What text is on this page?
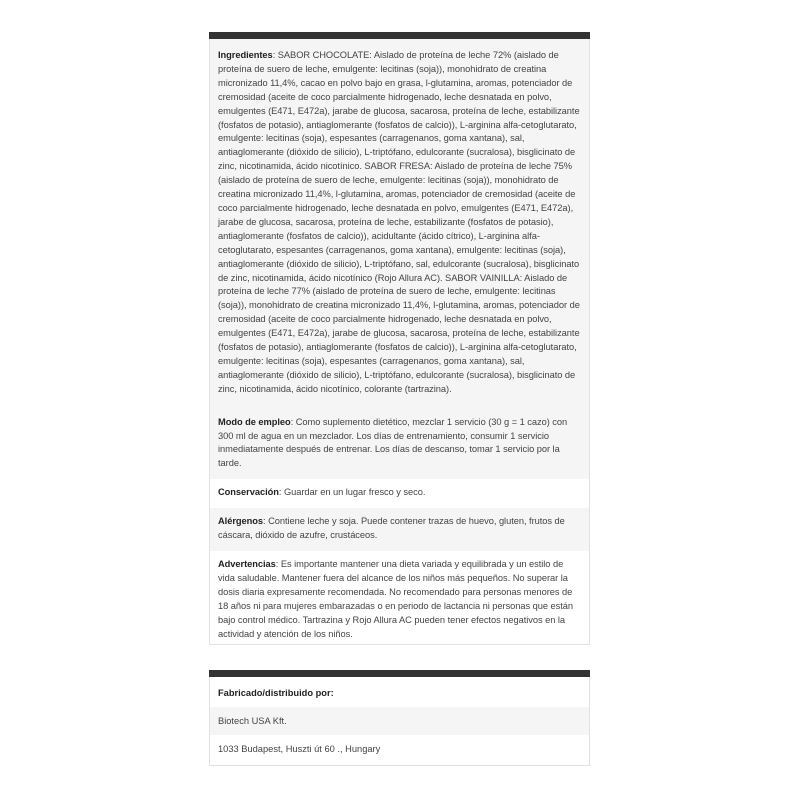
Ingredientes: SABOR CHOCOLATE: Aislado de proteína de leche 72% (aislado de proteína de suero de leche, emulgente: lecitinas (soja)), monohidrato de creatina micronizado 11,4%, cacao en polvo bajo en grasa, l-glutamina, aromas, potenciador de cremosidad (aceite de coco parcialmente hidrogenado, leche desnatada en polvo, emulgentes (E471, E472a), jarabe de glucosa, sacarosa, proteína de leche, estabilizante (fosfatos de potasio), antiaglomerante (fosfatos de calcio)), L-arginina alfa-cetoglutarato, emulgente: lecitinas (soja), espesantes (carragenanos, goma xantana), sal, antiaglomerante (dióxido de silicio), L-triptófano, edulcorante (sucralosa), bisglicinato de zinc, nicotinamida, ácido nicotínico. SABOR FRESA: Aislado de proteína de leche 75% (aislado de proteína de suero de leche, emulgente: lecitinas (soja)), monohidrato de creatina micronizado 11,4%, l-glutamina, aromas, potenciador de cremosidad (aceite de coco parcialmente hidrogenado, leche desnatada en polvo, emulgentes (E471, E472a), jarabe de glucosa, sacarosa, proteína de leche, estabilizante (fosfatos de potasio), antiaglomerante (fosfatos de calcio)), acidultante (ácido cítrico), L-arginina alfa-cetoglutarato, espesantes (carragenanos, goma xantana), emulgente: lecitinas (soja), antiaglomerante (dióxido de silicio), L-triptófano, sal, edulcorante (sucralosa), bisglicinato de zinc, nicotinamida, ácido nicotínico (Rojo Allura AC). SABOR VAINILLA: Aislado de proteína de leche 77% (aislado de proteína de suero de leche, emulgente: lecitinas (soja)), monohidrato de creatina micronizado 11,4%, l-glutamina, aromas, potenciador de cremosidad (aceite de coco parcialmente hidrogenado, leche desnatada en polvo, emulgentes (E471, E472a), jarabe de glucosa, sacarosa, proteína de leche, estabilizante (fosfatos de potasio), antiaglomerante (fosfatos de calcio)), L-arginina alfa-cetoglutarato, emulgente: lecitinas (soja), espesantes (carragenanos, goma xantana), sal, antiaglomerante (dióxido de silicio), L-triptófano, edulcorante (sucralosa), bisglicinato de zinc, nicotinamida, ácido nicotínico, colorante (tartrazina).
Modo de empleo: Como suplemento dietético, mezclar 1 servicio (30 g = 1 cazo) con 300 ml de agua en un mezclador. Los días de entrenamiento, consumir 1 servicio inmediatamente después de entrenar. Los días de descanso, tomar 1 servicio por la tarde.
Conservación: Guardar en un lugar fresco y seco.
Alérgenos: Contiene leche y soja. Puede contener trazas de huevo, gluten, frutos de cáscara, dióxido de azufre, crustáceos.
Advertencias: Es importante mantener una dieta variada y equilibrada y un estilo de vida saludable. Mantener fuera del alcance de los niños más pequeños. No superar la dosis diaria expresamente recomendada. No recomendado para personas menores de 18 años ni para mujeres embarazadas o en periodo de lactancia ni personas que están bajo control médico. Tartrazina y Rojo Allura AC pueden tener efectos negativos en la actividad y atención de los niños.
Fabricado/distribuido por:
Biotech USA Kft.
1033 Budapest, Huszti út 60 ., Hungary
